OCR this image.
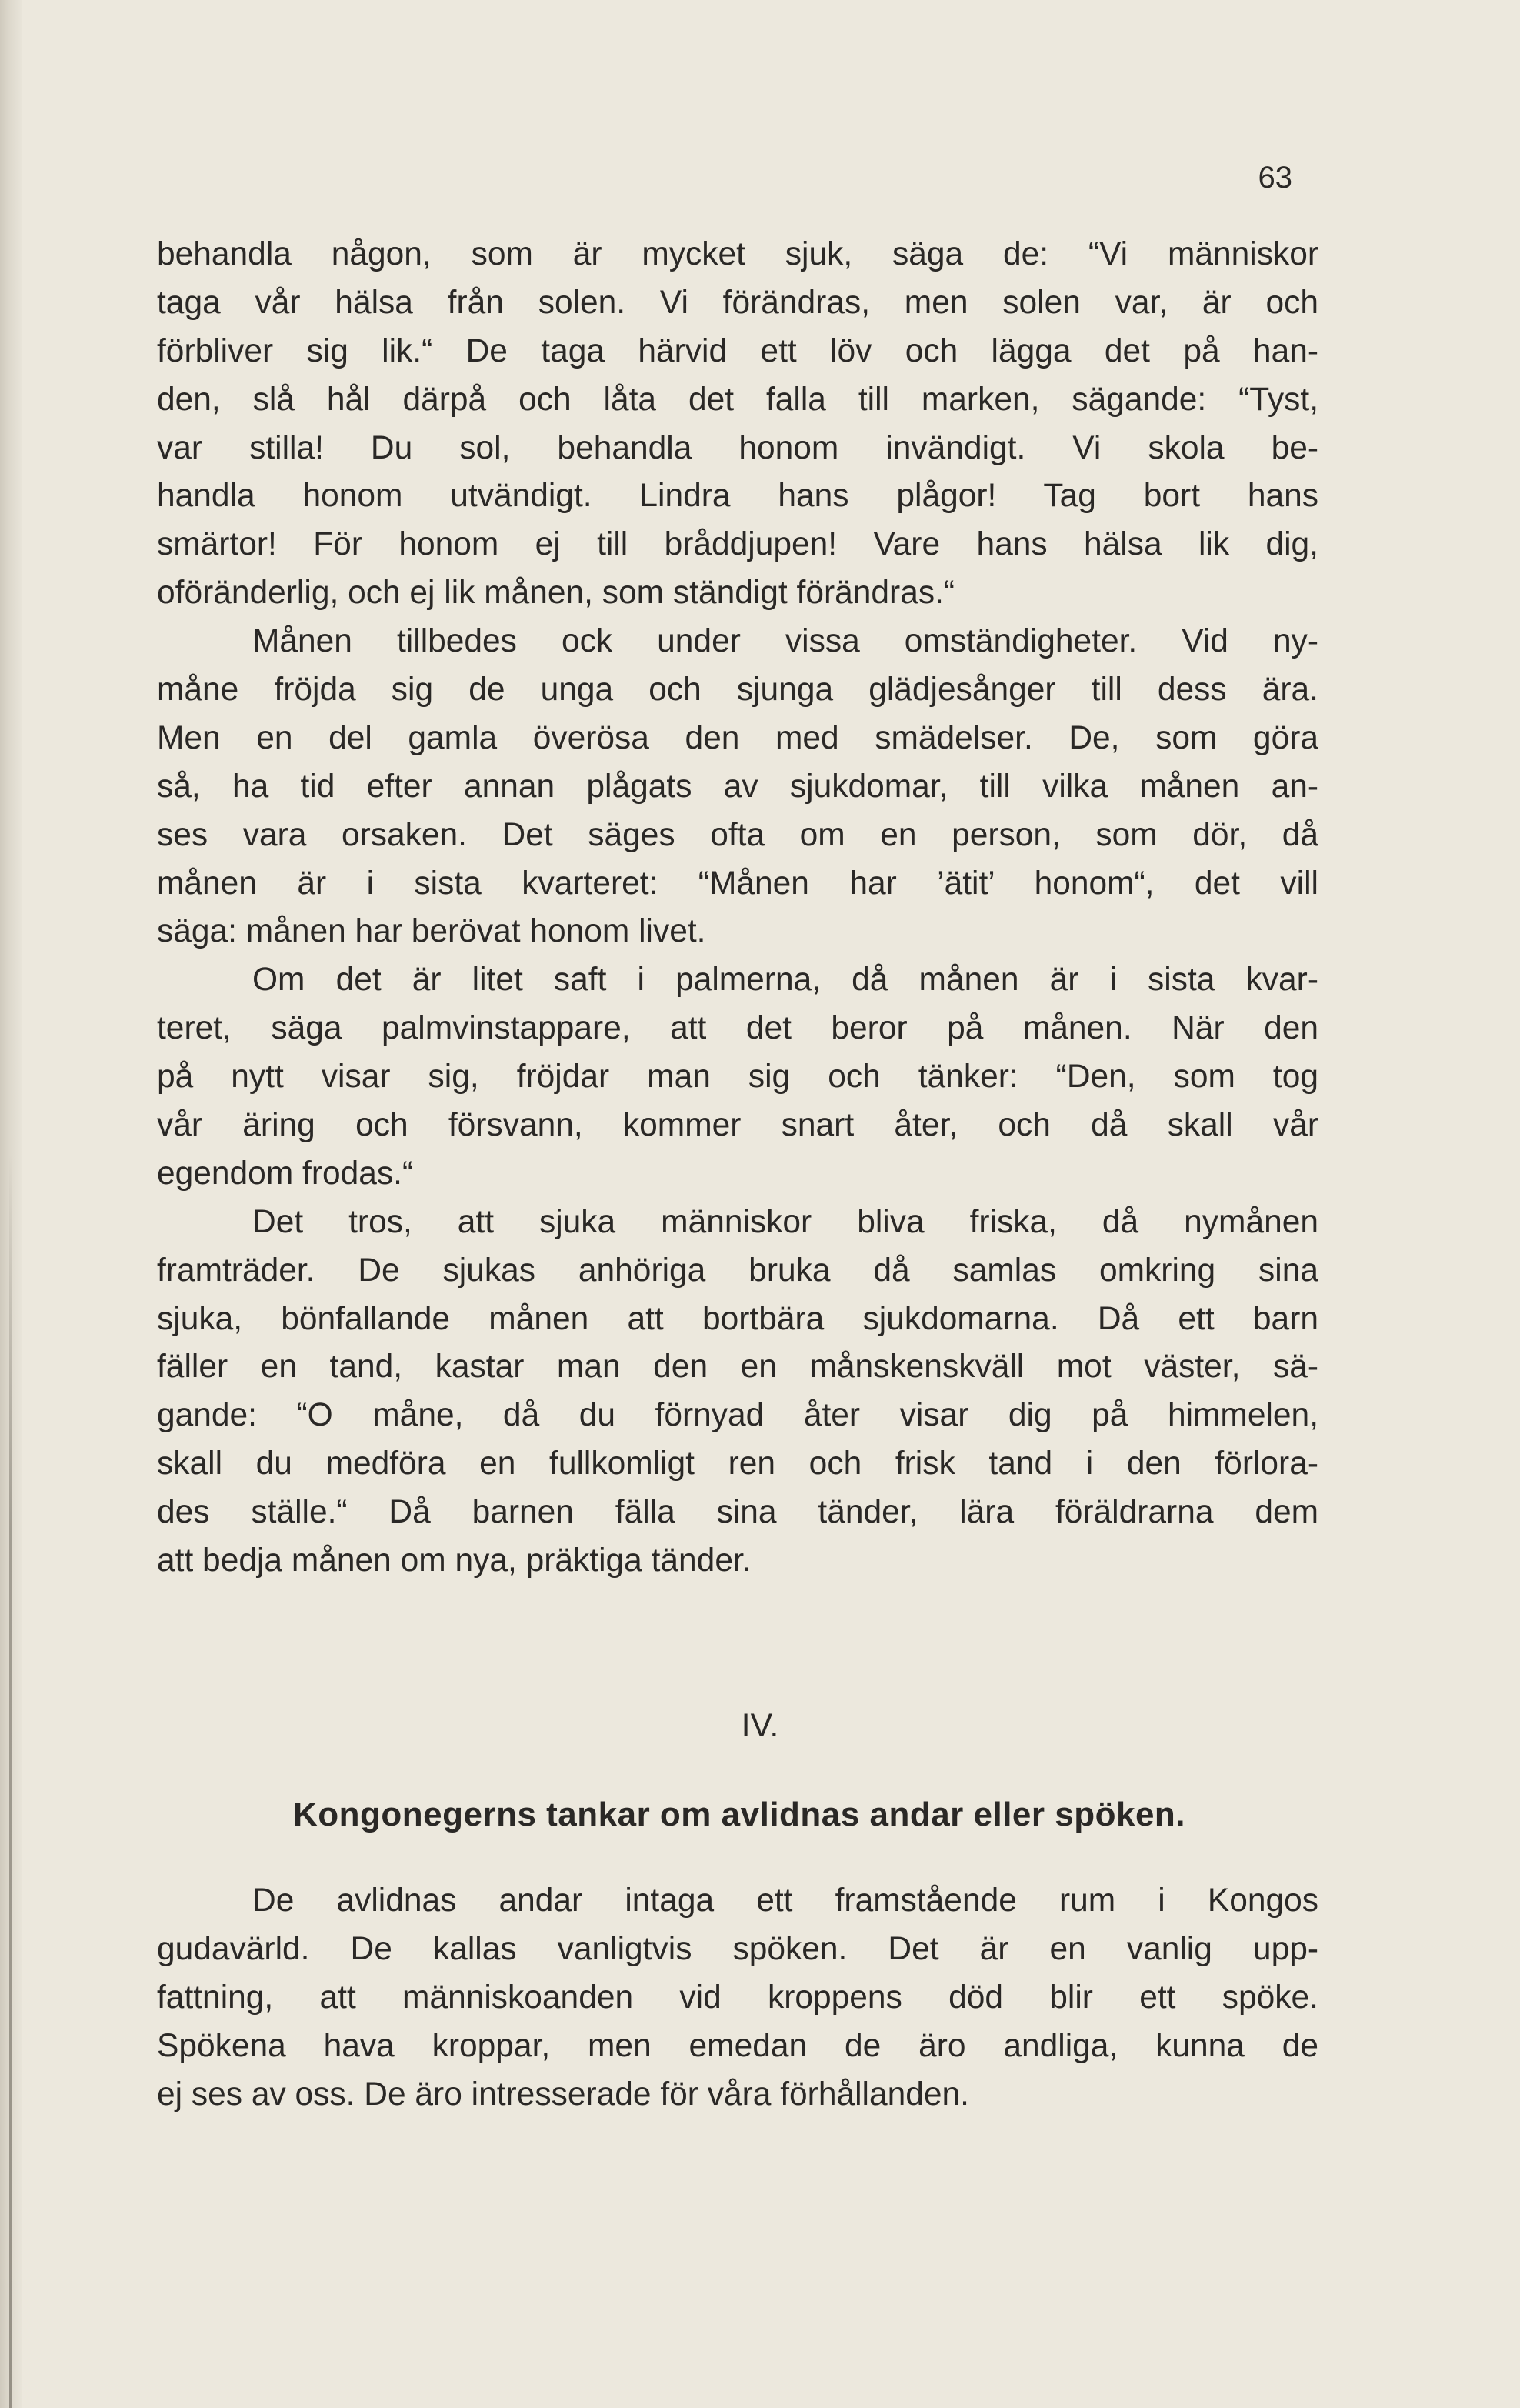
63
behandla någon, som är mycket sjuk, säga de: “Vi människor
taga vår hälsa från solen. Vi förändras, men solen var, är och
förbliver sig lik.“ De taga härvid ett löv och lägga det på han-
den, slå hål därpå och låta det falla till marken, sägande: “Tyst,
var stilla! Du sol, behandla honom invändigt. Vi skola be-
handla honom utvändigt. Lindra hans plågor! Tag bort hans
smärtor! För honom ej till bråddjupen! Vare hans hälsa lik dig,
oföränderlig, och ej lik månen, som ständigt förändras.“
Månen tillbedes ock under vissa omständigheter. Vid ny-
måne fröjda sig de unga och sjunga glädjesånger till dess ära.
Men en del gamla överösa den med smädelser. De, som göra
så, ha tid efter annan plågats av sjukdomar, till vilka månen an-
ses vara orsaken. Det säges ofta om en person, som dör, då
månen är i sista kvarteret: “Månen har ’ätit’ honom“, det vill
säga: månen har berövat honom livet.
Om det är litet saft i palmerna, då månen är i sista kvar-
teret, säga palmvinstappare, att det beror på månen. När den
på nytt visar sig, fröjdar man sig och tänker: “Den, som tog
vår äring och försvann, kommer snart åter, och då skall vår
egendom frodas.“
Det tros, att sjuka människor bliva friska, då nymånen
framträder. De sjukas anhöriga bruka då samlas omkring sina
sjuka, bönfallande månen att bortbära sjukdomarna. Då ett barn
fäller en tand, kastar man den en månskenskväll mot väster, sä-
gande: “O måne, då du förnyad åter visar dig på himmelen,
skall du medföra en fullkomligt ren och frisk tand i den förlora-
des ställe.“ Då barnen fälla sina tänder, lära föräldrarna dem
att bedja månen om nya, präktiga tänder.
IV.
Kongonegerns tankar om avlidnas andar eller spöken.
De avlidnas andar intaga ett framstående rum i Kongos
gudavärld. De kallas vanligtvis spöken. Det är en vanlig upp-
fattning, att människoanden vid kroppens död blir ett spöke.
Spökena hava kroppar, men emedan de äro andliga, kunna de
ej ses av oss. De äro intresserade för våra förhållanden.
